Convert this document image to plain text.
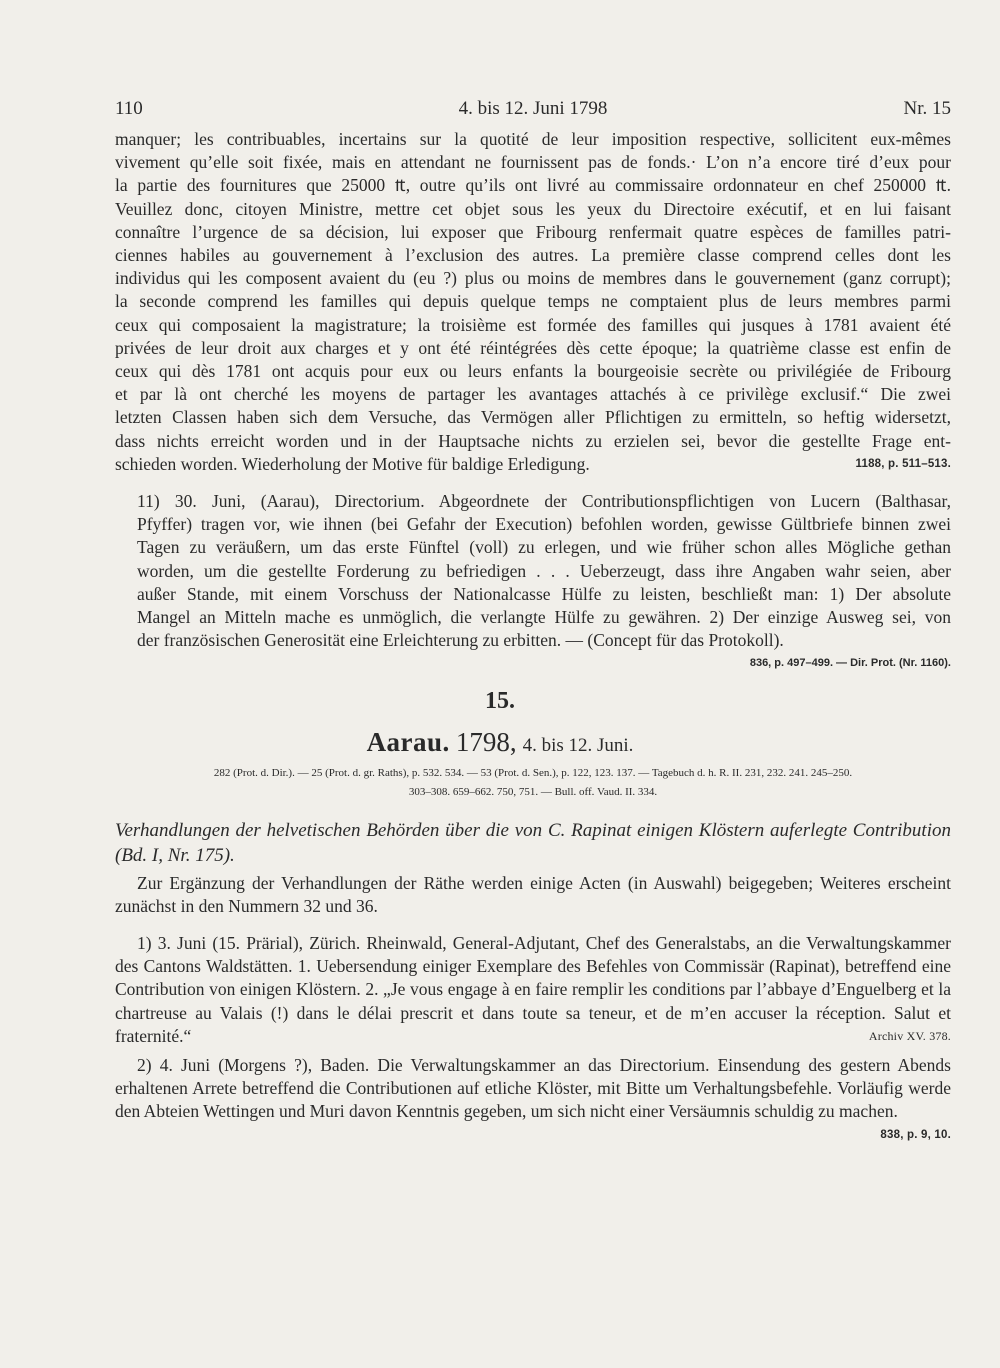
110	4. bis 12. Juni 1798	Nr. 15

manquer; les contribuables, incertains sur la quotité de leur imposition respective, sollicitent eux-mêmes
vivement qu’elle soit fixée, mais en attendant ne fournissent pas de fonds.· L’on n’a encore tiré d’eux pour
la partie des fournitures que 25000 ₶, outre qu’ils ont livré au commissaire ordonnateur en chef 250000 ₶.
Veuillez donc, citoyen Ministre, mettre cet objet sous les yeux du Directoire exécutif, et en lui faisant
connaître l’urgence de sa décision, lui exposer que Fribourg renfermait quatre espèces de familles patri-
ciennes habiles au gouvernement à l’exclusion des autres. La première classe comprend celles dont les
individus qui les composent avaient du (eu ?) plus ou moins de membres dans le gouvernement (ganz corrupt);
la seconde comprend les familles qui depuis quelque temps ne comptaient plus de leurs membres parmi
ceux qui composaient la magistrature; la troisième est formée des familles qui jusques à 1781 avaient été
privées de leur droit aux charges et y ont été réintégrées dès cette époque; la quatrième classe est enfin de
ceux qui dès 1781 ont acquis pour eux ou leurs enfants la bourgeoisie secrète ou privilégiée de Fribourg
et par là ont cherché les moyens de partager les avantages attachés à ce privilège exclusif.“ Die zwei
letzten Classen haben sich dem Versuche, das Vermögen aller Pflichtigen zu ermitteln, so heftig widersetzt,
dass nichts erreicht worden und in der Hauptsache nichts zu erzielen sei, bevor die gestellte Frage ent-
schieden worden. Wiederholung der Motive für baldige Erledigung.	1188, p. 511–513.

11) 30. Juni, (Aarau), Directorium. Abgeordnete der Contributionspflichtigen von Lucern (Balthasar,
Pfyffer) tragen vor, wie ihnen (bei Gefahr der Execution) befohlen worden, gewisse Gültbriefe binnen zwei
Tagen zu veräußern, um das erste Fünftel (voll) zu erlegen, und wie früher schon alles Mögliche gethan
worden, um die gestellte Forderung zu befriedigen . . . Ueberzeugt, dass ihre Angaben wahr seien, aber
außer Stande, mit einem Vorschuss der Nationalcasse Hülfe zu leisten, beschließt man: 1) Der absolute
Mangel an Mitteln mache es unmöglich, die verlangte Hülfe zu gewähren. 2) Der einzige Ausweg sei, von
der französischen Generosität eine Erleichterung zu erbitten. — (Concept für das Protokoll).

836, p. 497–499. — Dir. Prot. (Nr. 1160).
15.
Aarau. 1798, 4. bis 12. Juni.
282 (Prot. d. Dir.). — 25 (Prot. d. gr. Raths), p. 532. 534. — 53 (Prot. d. Sen.), p. 122, 123. 137. — Tagebuch d. h. R. II. 231, 232. 241. 245–250.
303–308. 659–662. 750, 751. — Bull. off. Vaud. II. 334.
Verhandlungen der helvetischen Behörden über die von C. Rapinat einigen Klöstern auferlegte Contribution (Bd. I, Nr. 175).

Zur Ergänzung der Verhandlungen der Räthe werden einige Acten (in Auswahl) beigegeben; Weiteres erscheint zunächst in den Nummern 32 und 36.

1) 3. Juni (15. Prärial), Zürich. Rheinwald, General-Adjutant, Chef des Generalstabs, an die Verwaltungskammer des Cantons Waldstätten. 1. Uebersendung einiger Exemplare des Befehles von Commissär (Rapinat), betreffend eine Contribution von einigen Klöstern. 2. „Je vous engage à en faire remplir les conditions par l’abbaye d’Enguelberg et la chartreuse au Valais (!) dans le délai prescrit et dans toute sa teneur, et de m’en accuser la réception. Salut et fraternité.“	Archiv XV. 378.

2) 4. Juni (Morgens ?), Baden. Die Verwaltungskammer an das Directorium. Einsendung des gestern Abends erhaltenen Arrete betreffend die Contributionen auf etliche Klöster, mit Bitte um Verhaltungsbefehle. Vorläufig werde den Abteien Wettingen und Muri davon Kenntnis gegeben, um sich nicht einer Versäumnis schuldig zu machen.
838, p. 9, 10.
